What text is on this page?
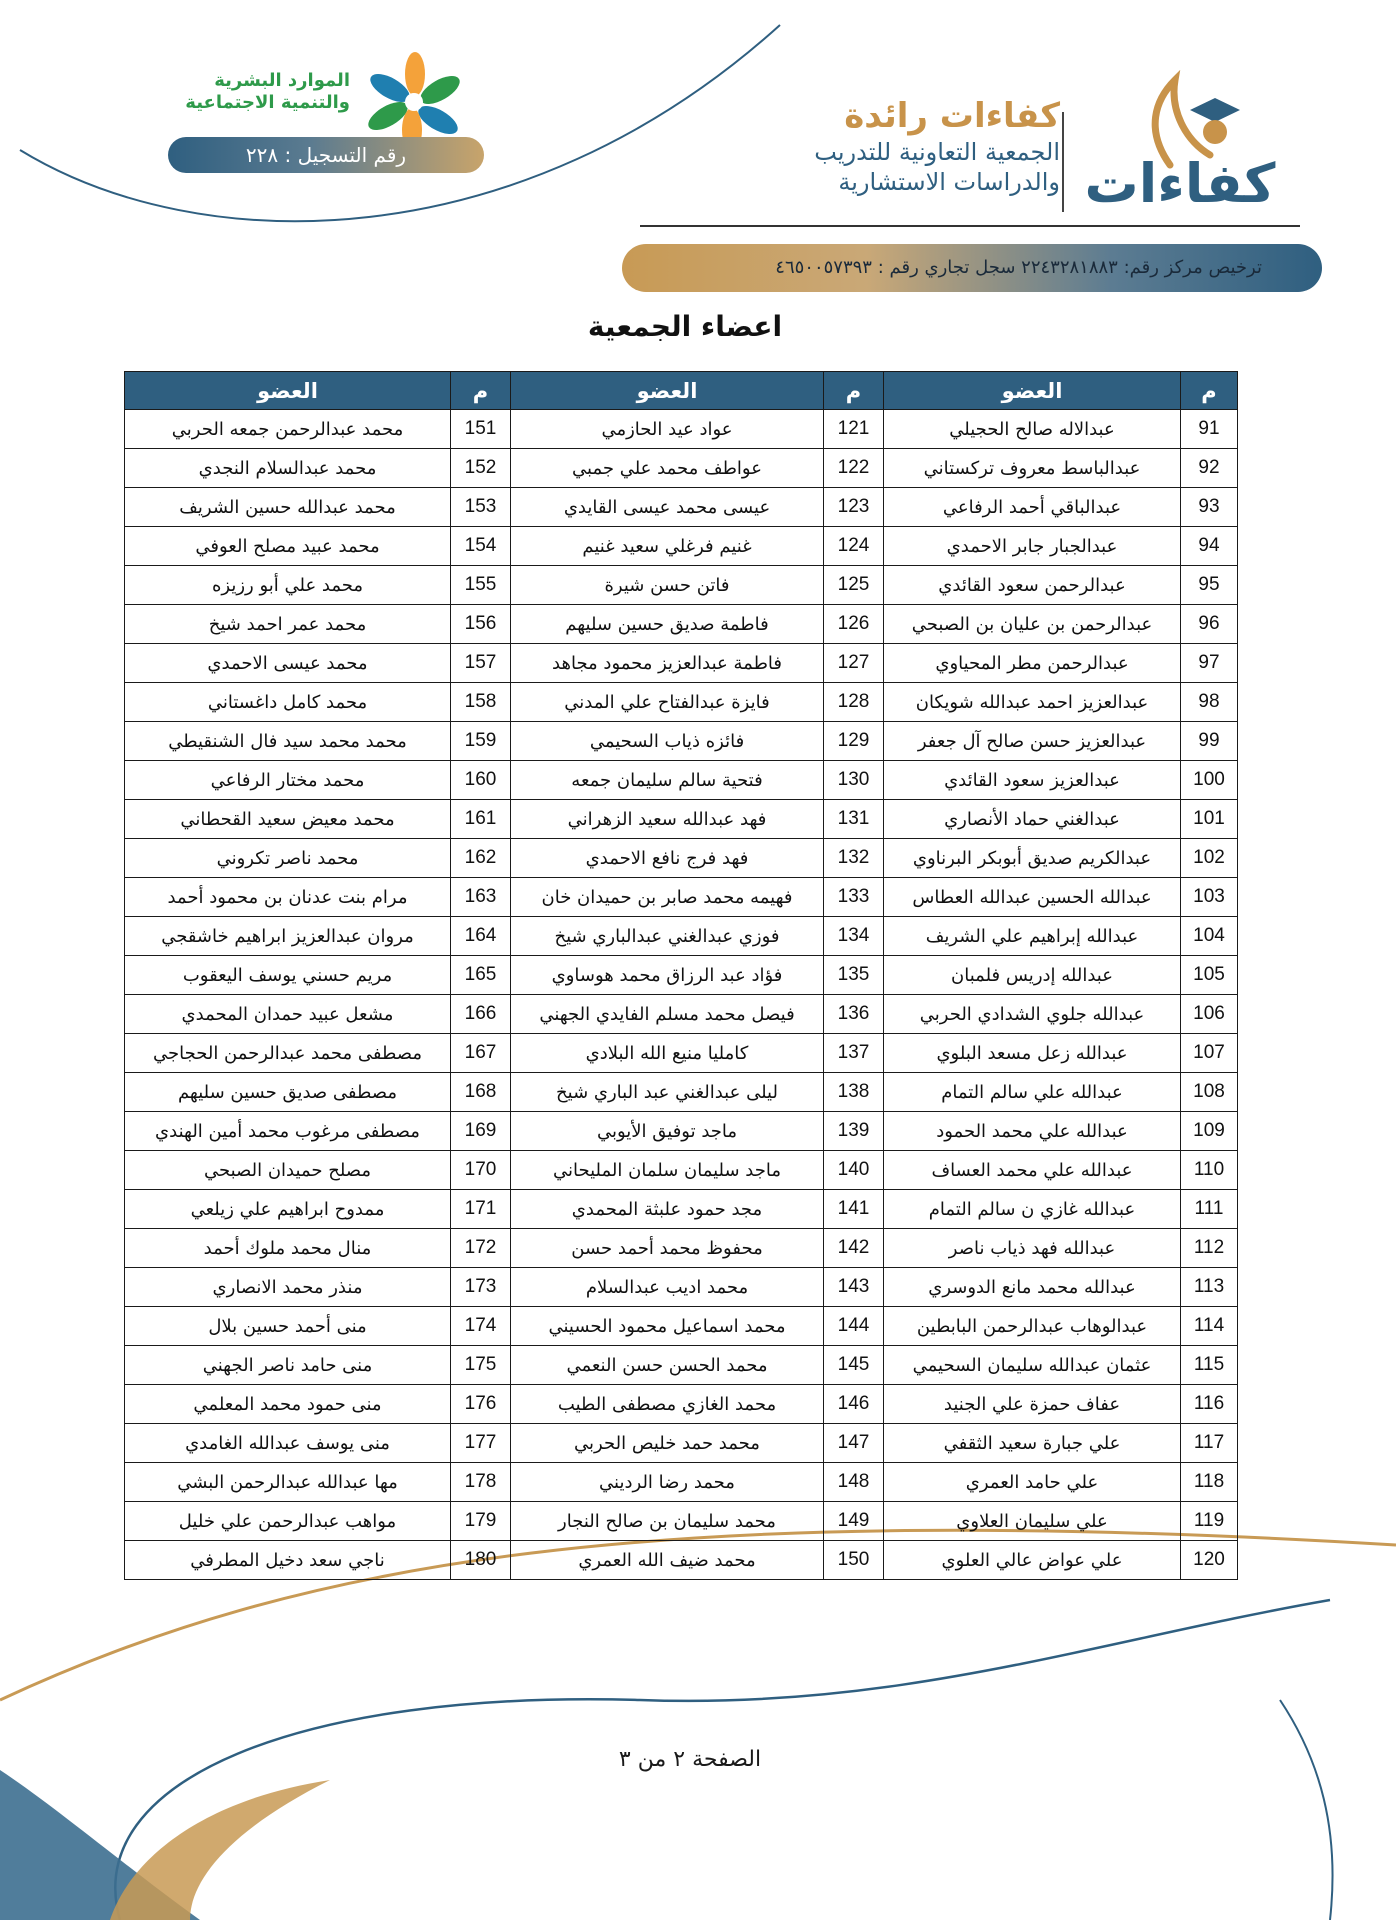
الموارد البشرية
والتنمية الاجتماعية
رقم التسجيل : ٢٢٨
كفاءات رائدة
الجمعية التعاونية للتدريب
والدراسات الاستشارية كفاءات
ترخيص مركز رقم: ٢٢٤٣٢٨١٨٨٣ سجل تجاري رقم : ٤٦٥٠٠٥٧٣٩٣
اعضاء الجمعية
م	العضو	م	العضو	م	العضو
91	عبدالاله صالح الحجيلي	121	عواد عيد الحازمي	151	محمد عبدالرحمن جمعه الحربي
92	عبدالباسط معروف تركستاني	122	عواطف محمد علي جمبي	152	محمد عبدالسلام النجدي
93	عبدالباقي أحمد الرفاعي	123	عيسى محمد عيسى القايدي	153	محمد عبدالله حسين الشريف
94	عبدالجبار جابر الاحمدي	124	غنيم فرغلي سعيد غنيم	154	محمد عبيد مصلح العوفي
95	عبدالرحمن سعود القائدي	125	فاتن حسن شيرة	155	محمد علي أبو رزيزه
96	عبدالرحمن بن عليان بن الصبحي	126	فاطمة صديق حسين سليهم	156	محمد عمر احمد شيخ
97	عبدالرحمن مطر المحياوي	127	فاطمة عبدالعزيز محمود مجاهد	157	محمد عيسى الاحمدي
98	عبدالعزيز احمد عبدالله شويكان	128	فايزة عبدالفتاح علي المدني	158	محمد كامل داغستاني
99	عبدالعزيز حسن صالح آل جعفر	129	فائزه ذياب السحيمي	159	محمد محمد سيد فال الشنقيطي
100	عبدالعزيز سعود القائدي	130	فتحية سالم سليمان جمعه	160	محمد مختار الرفاعي
101	عبدالغني حماد الأنصاري	131	فهد عبدالله سعيد الزهراني	161	محمد معيض سعيد القحطاني
102	عبدالكريم صديق أبوبكر البرناوي	132	فهد فرج نافع الاحمدي	162	محمد ناصر تكروني
103	عبدالله الحسين عبدالله العطاس	133	فهيمه محمد صابر بن حميدان خان	163	مرام بنت عدنان بن محمود أحمد
104	عبدالله إبراهيم علي الشريف	134	فوزي عبدالغني عبدالباري شيخ	164	مروان عبدالعزيز ابراهيم خاشقجي
105	عبدالله إدريس فلمبان	135	فؤاد عبد الرزاق محمد هوساوي	165	مريم حسني يوسف اليعقوب
106	عبدالله جلوي الشدادي الحربي	136	فيصل محمد مسلم الفايدي الجهني	166	مشعل عبيد حمدان المحمدي
107	عبدالله زعل مسعد البلوي	137	كامليا منيع الله البلادي	167	مصطفى محمد عبدالرحمن الحجاجي
108	عبدالله علي سالم التمام	138	ليلى عبدالغني عبد الباري شيخ	168	مصطفى صديق حسين سليهم
109	عبدالله علي محمد الحمود	139	ماجد توفيق الأيوبي	169	مصطفى مرغوب محمد أمين الهندي
110	عبدالله علي محمد العساف	140	ماجد سليمان سلمان المليحاني	170	مصلح حميدان الصبحي
111	عبدالله غازي ن سالم التمام	141	مجد حمود علبثة المحمدي	171	ممدوح ابراهيم علي زيلعي
112	عبدالله فهد ذياب ناصر	142	محفوظ محمد أحمد حسن	172	منال محمد ملوك أحمد
113	عبدالله محمد مانع الدوسري	143	محمد اديب عبدالسلام	173	منذر محمد الانصاري
114	عبدالوهاب عبدالرحمن البابطين	144	محمد اسماعيل محمود الحسيني	174	منى أحمد حسين بلال
115	عثمان عبدالله سليمان السحيمي	145	محمد الحسن حسن النعمي	175	منى حامد ناصر الجهني
116	عفاف حمزة علي الجنيد	146	محمد الغازي مصطفى الطيب	176	منى حمود محمد المعلمي
117	علي جبارة سعيد الثقفي	147	محمد حمد خليص الحربي	177	منى يوسف عبدالله الغامدي
118	علي حامد العمري	148	محمد رضا الرديني	178	مها عبدالله عبدالرحمن البشي
119	علي سليمان العلاوي	149	محمد سليمان بن صالح النجار	179	مواهب عبدالرحمن علي خليل
120	علي عواض عالي العلوي	150	محمد ضيف الله العمري	180	ناجي سعد دخيل المطرفي
الصفحة ٢ من ٣
